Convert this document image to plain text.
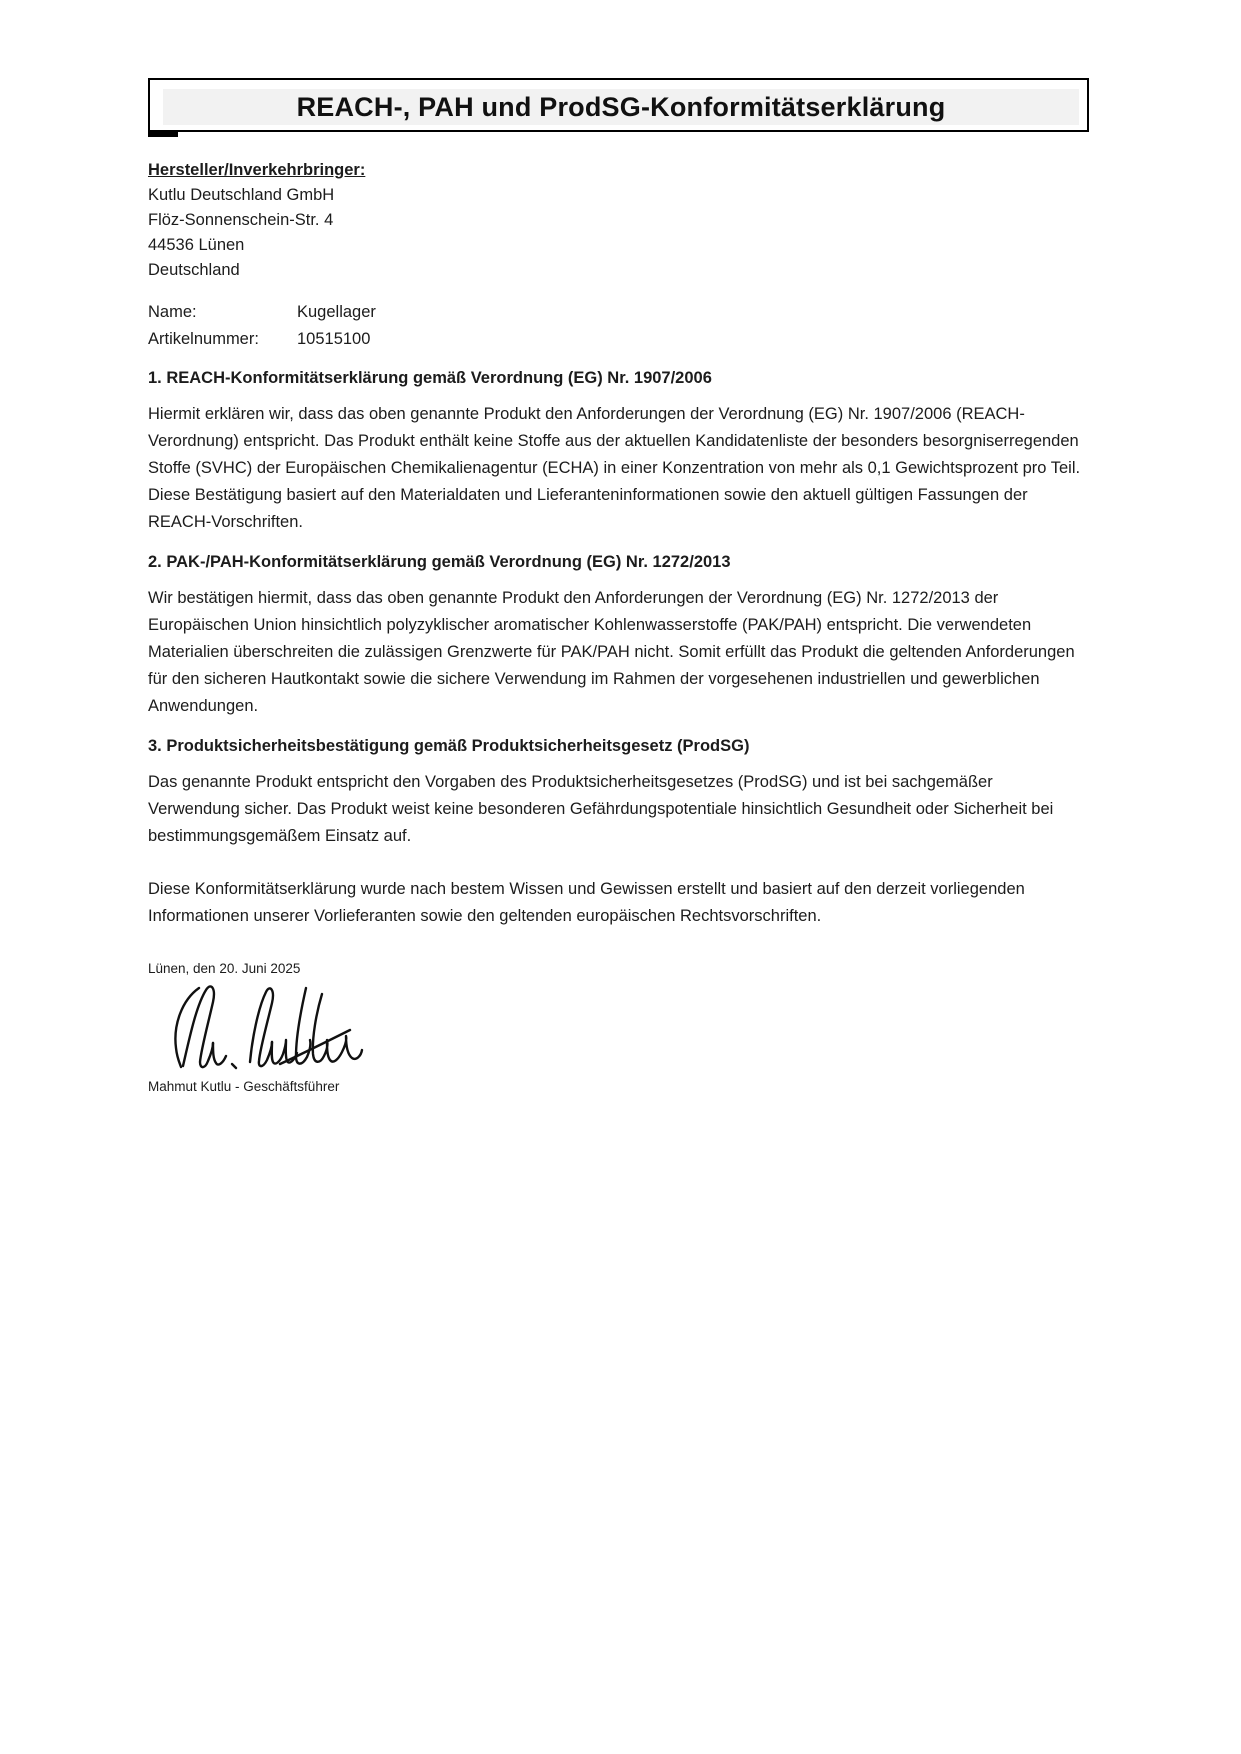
REACH-, PAH und ProdSG-Konformitätserklärung
Hersteller/Inverkehrbringer:
Kutlu Deutschland GmbH
Flöz-Sonnenschein-Str. 4
44536 Lünen
Deutschland
Name:	Kugellager
Artikelnummer:	10515100
1. REACH-Konformitätserklärung gemäß Verordnung (EG) Nr. 1907/2006
Hiermit erklären wir, dass das oben genannte Produkt den Anforderungen der Verordnung (EG) Nr. 1907/2006 (REACH-Verordnung) entspricht. Das Produkt enthält keine Stoffe aus der aktuellen Kandidatenliste der besonders besorgniserregenden Stoffe (SVHC) der Europäischen Chemikalienagentur (ECHA) in einer Konzentration von mehr als 0,1 Gewichtsprozent pro Teil. Diese Bestätigung basiert auf den Materialdaten und Lieferanteninformationen sowie den aktuell gültigen Fassungen der REACH-Vorschriften.
2. PAK-/PAH-Konformitätserklärung gemäß Verordnung (EG) Nr. 1272/2013
Wir bestätigen hiermit, dass das oben genannte Produkt den Anforderungen der Verordnung (EG) Nr. 1272/2013 der Europäischen Union hinsichtlich polyzyklischer aromatischer Kohlenwasserstoffe (PAK/PAH) entspricht. Die verwendeten Materialien überschreiten die zulässigen Grenzwerte für PAK/PAH nicht. Somit erfüllt das Produkt die geltenden Anforderungen für den sicheren Hautkontakt sowie die sichere Verwendung im Rahmen der vorgesehenen industriellen und gewerblichen Anwendungen.
3. Produktsicherheitsbestätigung gemäß Produktsicherheitsgesetz (ProdSG)
Das genannte Produkt entspricht den Vorgaben des Produktsicherheitsgesetzes (ProdSG) und ist bei sachgemäßer Verwendung sicher. Das Produkt weist keine besonderen Gefährdungspotentiale hinsichtlich Gesundheit oder Sicherheit bei bestimmungsgemäßem Einsatz auf.
Diese Konformitätserklärung wurde nach bestem Wissen und Gewissen erstellt und basiert auf den derzeit vorliegenden Informationen unserer Vorlieferanten sowie den geltenden europäischen Rechtsvorschriften.
Lünen, den 20. Juni 2025
Mahmut Kutlu - Geschäftsführer
